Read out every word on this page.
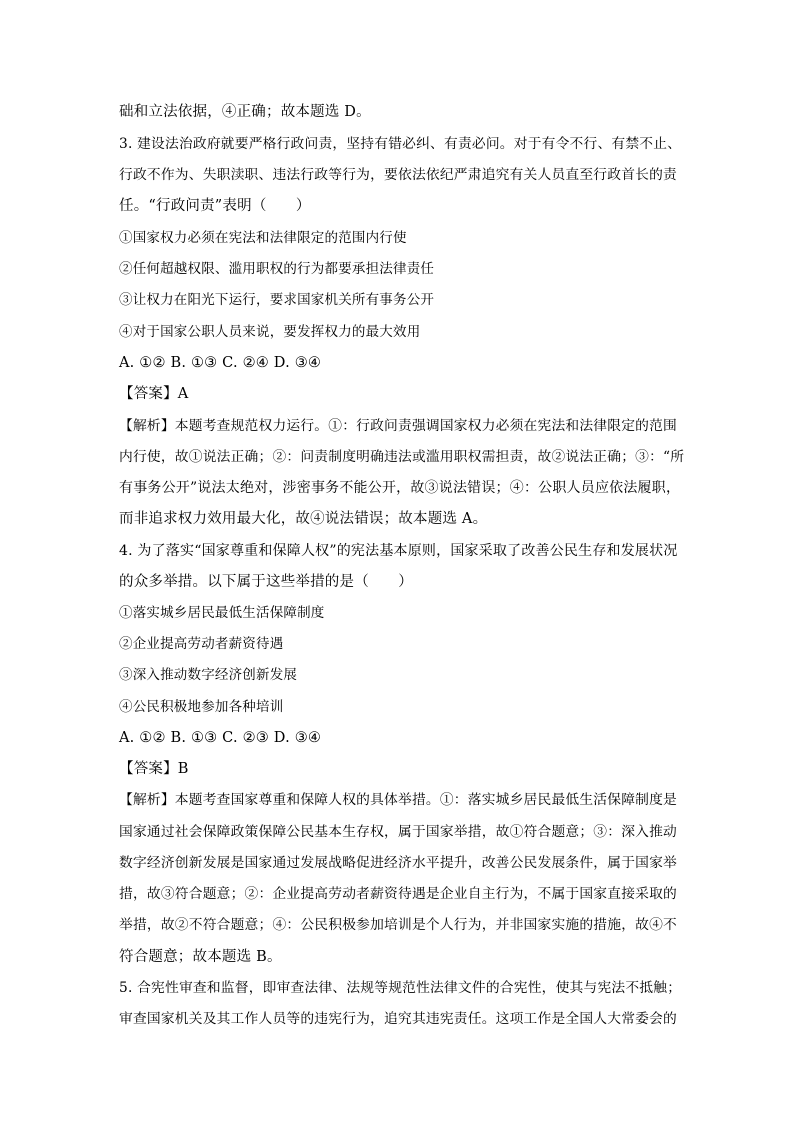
础和立法依据，④正确；故本题选 D。
3. 建设法治政府就要严格行政问责，坚持有错必纠、有责必问。对于有令不行、有禁不止、
行政不作为、失职渎职、违法行政等行为，要依法依纪严肃追究有关人员直至行政首长的责
任。“行政问责”表明（　　）
①国家权力必须在宪法和法律限定的范围内行使
②任何超越权限、滥用职权的行为都要承担法律责任
③让权力在阳光下运行，要求国家机关所有事务公开
④对于国家公职人员来说，要发挥权力的最大效用
A. ①② B. ①③ C. ②④ D. ③④
【答案】A
【解析】本题考查规范权力运行。①：行政问责强调国家权力必须在宪法和法律限定的范围
内行使，故①说法正确；②：问责制度明确违法或滥用职权需担责，故②说法正确；③：“所
有事务公开”说法太绝对，涉密事务不能公开，故③说法错误；④：公职人员应依法履职，
而非追求权力效用最大化，故④说法错误；故本题选 A。
4. 为了落实“国家尊重和保障人权”的宪法基本原则，国家采取了改善公民生存和发展状况
的众多举措。以下属于这些举措的是（　　）
①落实城乡居民最低生活保障制度
②企业提高劳动者薪资待遇
③深入推动数字经济创新发展
④公民积极地参加各种培训
A. ①② B. ①③ C. ②③ D. ③④
【答案】B
【解析】本题考查国家尊重和保障人权的具体举措。①：落实城乡居民最低生活保障制度是
国家通过社会保障政策保障公民基本生存权，属于国家举措，故①符合题意；③：深入推动
数字经济创新发展是国家通过发展战略促进经济水平提升，改善公民发展条件，属于国家举
措，故③符合题意；②：企业提高劳动者薪资待遇是企业自主行为，不属于国家直接采取的
举措，故②不符合题意；④：公民积极参加培训是个人行为，并非国家实施的措施，故④不
符合题意；故本题选 B。
5. 合宪性审查和监督，即审查法律、法规等规范性法律文件的合宪性，使其与宪法不抵触；
审查国家机关及其工作人员等的违宪行为，追究其违宪责任。这项工作是全国人大常委会的
